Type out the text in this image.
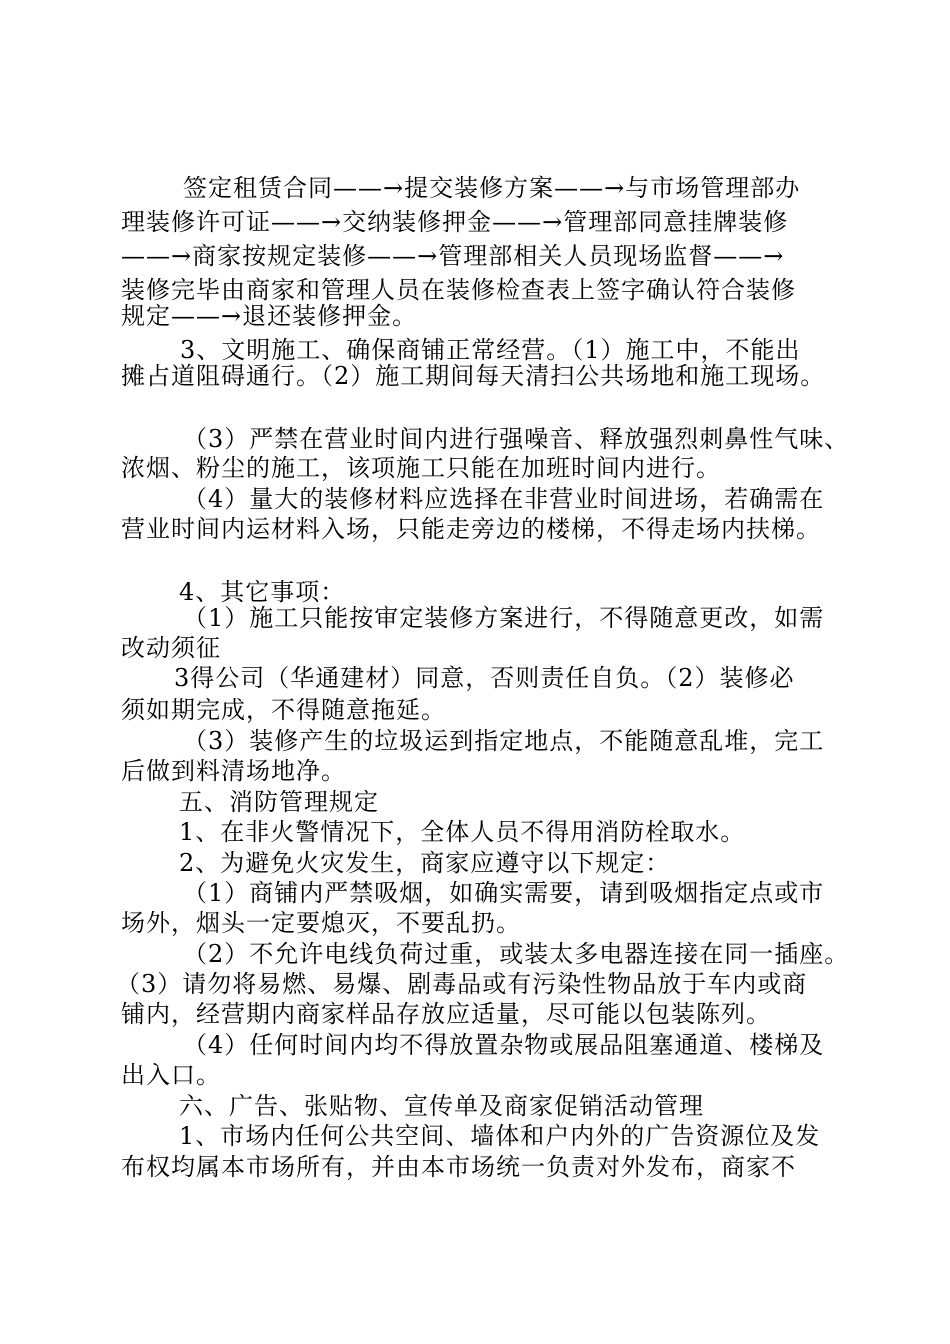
签定租赁合同——→提交装修方案——→与市场管理部办

理装修许可证——→交纳装修押金——→管理部同意挂牌装修

——→商家按规定装修——→管理部相关人员现场监督——→

装修完毕由商家和管理人员在装修检查表上签字确认符合装修

规定——→退还装修押金。

3、文明施工、确保商铺正常经营。（1）施工中，不能出

摊占道阻碍通行。（2）施工期间每天清扫公共场地和施工现场。

（3）严禁在营业时间内进行强噪音、释放强烈刺鼻性气味、

浓烟、粉尘的施工，该项施工只能在加班时间内进行。

（4）量大的装修材料应选择在非营业时间进场，若确需在

营业时间内运材料入场，只能走旁边的楼梯，不得走场内扶梯。

4、其它事项：

（1）施工只能按审定装修方案进行，不得随意更改，如需

改动须征

3得公司（华通建材）同意，否则责任自负。（2）装修必

须如期完成，不得随意拖延。

（3）装修产生的垃圾运到指定地点，不能随意乱堆，完工

后做到料清场地净。

五、消防管理规定

1、在非火警情况下，全体人员不得用消防栓取水。

2、为避免火灾发生，商家应遵守以下规定：

（1）商铺内严禁吸烟，如确实需要，请到吸烟指定点或市

场外，烟头一定要熄灭，不要乱扔。

（2）不允许电线负荷过重，或装太多电器连接在同一插座。

（3）请勿将易燃、易爆、剧毒品或有污染性物品放于车内或商

铺内，经营期内商家样品存放应适量，尽可能以包装陈列。

（4）任何时间内均不得放置杂物或展品阻塞通道、楼梯及

出入口。

六、广告、张贴物、宣传单及商家促销活动管理

1、市场内任何公共空间、墙体和户内外的广告资源位及发

布权均属本市场所有，并由本市场统一负责对外发布，商家不
